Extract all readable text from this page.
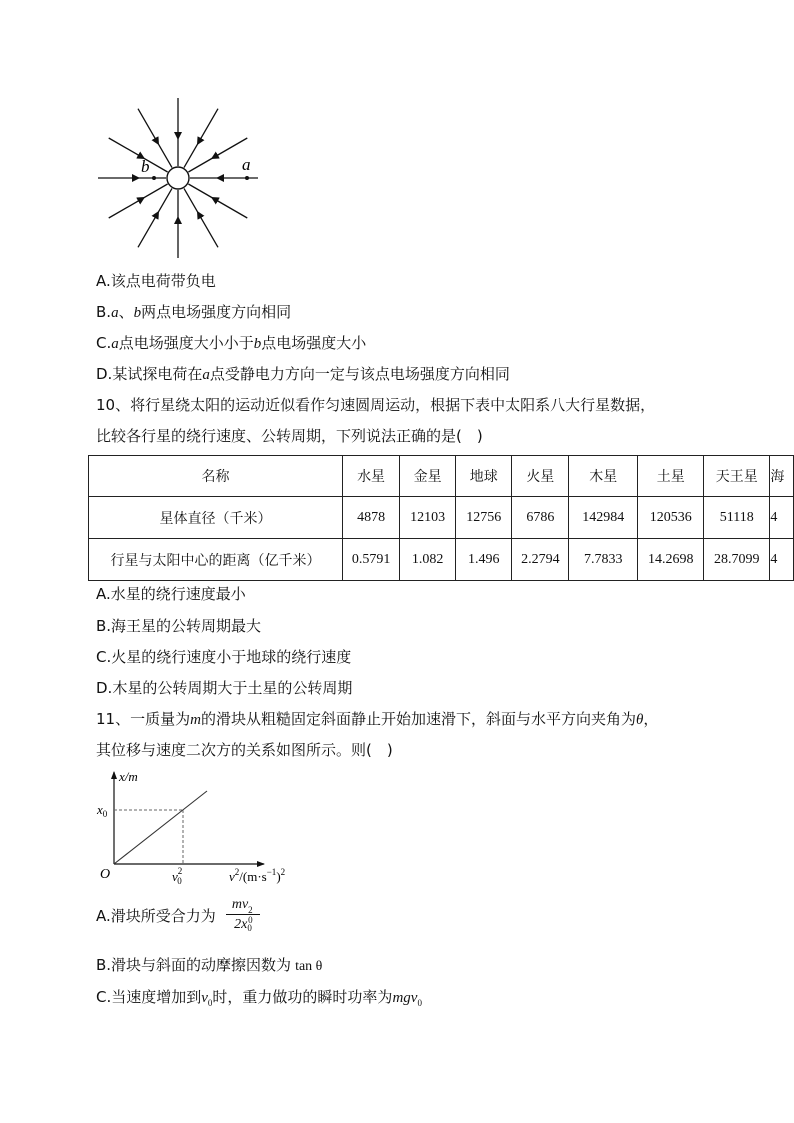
a
b
A.该点电荷带负电
B.a、b两点电场强度方向相同
C.a点电场强度大小小于b点电场强度大小
D.某试探电荷在a点受静电力方向一定与该点电场强度方向相同
10、将行星绕太阳的运动近似看作匀速圆周运动，根据下表中太阳系八大行星数据，
比较各行星的绕行速度、公转周期，下列说法正确的是(　)
名称	水星	金星	地球	火星	木星	土星	天王星	海
星体直径（千米）	4878	12103	12756	6786	142984	120536	51118	4
行星与太阳中心的距离（亿千米）	0.5791	1.082	1.496	2.2794	7.7833	14.2698	28.7099	4
A.水星的绕行速度最小
B.海王星的公转周期最大
C.火星的绕行速度小于地球的绕行速度
D.木星的公转周期大于土星的公转周期
11、一质量为m的滑块从粗糙固定斜面静止开始加速滑下，斜面与水平方向夹角为θ，
其位移与速度二次方的关系如图所示。则(　)
x/m
$x_0$
O	$v^2$ 0	$v^2/(m\cdot s^{-1})^2$
A.滑块所受合力为 mv 2
0
$2x_0$
B.滑块与斜面的动摩擦因数为 tan θ
C.当速度增加到$v_0$时，重力做功的瞬时功率为mgv$_0$
